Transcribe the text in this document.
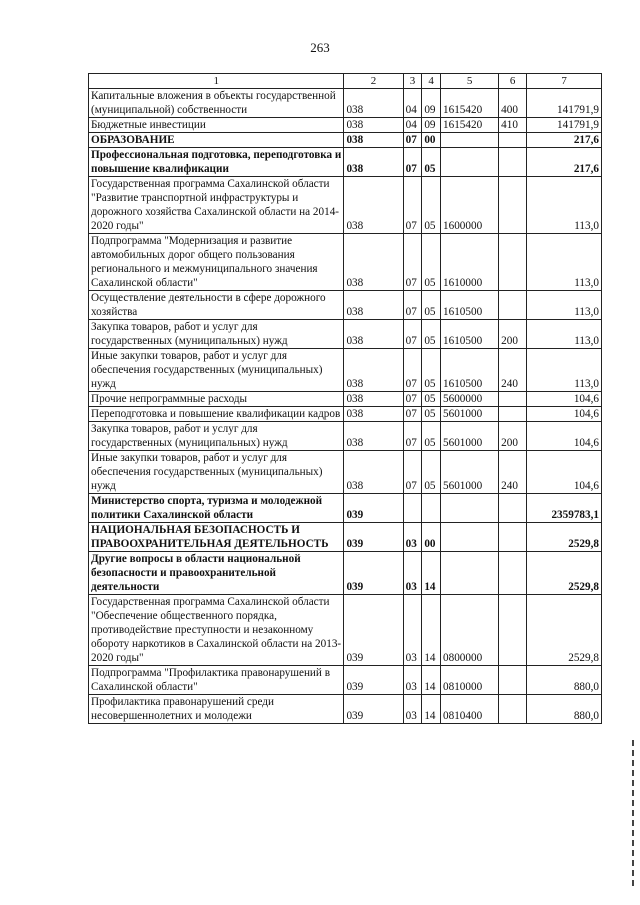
263
1	2	3	4	5	6	7
Капитальные вложения в объекты государственной (муниципальной) собственности	038	04	09	1615420	400	141791,9
Бюджетные инвестиции	038	04	09	1615420	410	141791,9
ОБРАЗОВАНИЕ	038	07	00			217,6
Профессиональная подготовка, переподготовка и повышение квалификации	038	07	05			217,6
Государственная программа Сахалинской области "Развитие транспортной инфраструктуры и дорожного хозяйства Сахалинской области на 2014-2020 годы"	038	07	05	1600000		113,0
Подпрограмма "Модернизация и развитие автомобильных дорог общего пользования регионального и межмуниципального значения Сахалинской области"	038	07	05	1610000		113,0
Осуществление деятельности в сфере дорожного хозяйства	038	07	05	1610500		113,0
Закупка товаров, работ и услуг для государственных (муниципальных) нужд	038	07	05	1610500	200	113,0
Иные закупки товаров, работ и услуг для обеспечения государственных (муниципальных) нужд	038	07	05	1610500	240	113,0
Прочие непрограммные расходы	038	07	05	5600000		104,6
Переподготовка и повышение квалификации кадров	038	07	05	5601000		104,6
Закупка товаров, работ и услуг для государственных (муниципальных) нужд	038	07	05	5601000	200	104,6
Иные закупки товаров, работ и услуг для обеспечения государственных (муниципальных) нужд	038	07	05	5601000	240	104,6
Министерство спорта, туризма и молодежной политики Сахалинской области	039					2359783,1
НАЦИОНАЛЬНАЯ БЕЗОПАСНОСТЬ И ПРАВООХРАНИТЕЛЬНАЯ ДЕЯТЕЛЬНОСТЬ	039	03	00			2529,8
Другие вопросы в области национальной безопасности и правоохранительной деятельности	039	03	14			2529,8
Государственная программа Сахалинской области "Обеспечение общественного порядка, противодействие преступности и незаконному обороту наркотиков в Сахалинской области на 2013-2020 годы"	039	03	14	0800000		2529,8
Подпрограмма "Профилактика правонарушений в Сахалинской области"	039	03	14	0810000		880,0
Профилактика правонарушений среди несовершеннолетних и молодежи	039	03	14	0810400		880,0
